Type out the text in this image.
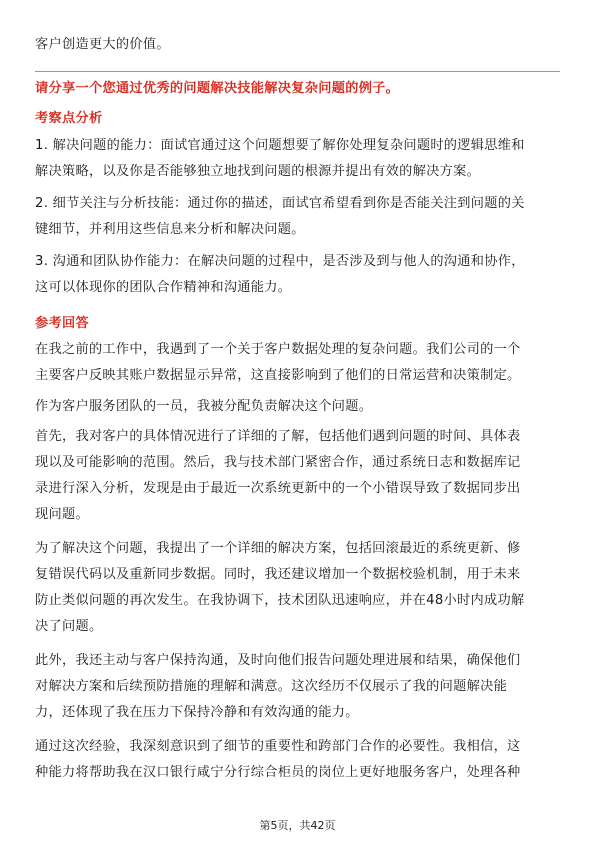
客户创造更大的价值。
请分享一个您通过优秀的问题解决技能解决复杂问题的例子。
考察点分析
1. 解决问题的能力：面试官通过这个问题想要了解你处理复杂问题时的逻辑思维和
解决策略，以及你是否能够独立地找到问题的根源并提出有效的解决方案。
2. 细节关注与分析技能：通过你的描述，面试官希望看到你是否能关注到问题的关
键细节，并利用这些信息来分析和解决问题。
3. 沟通和团队协作能力：在解决问题的过程中，是否涉及到与他人的沟通和协作，
这可以体现你的团队合作精神和沟通能力。
参考回答
在我之前的工作中，我遇到了一个关于客户数据处理的复杂问题。我们公司的一个
主要客户反映其账户数据显示异常，这直接影响到了他们的日常运营和决策制定。
作为客户服务团队的一员，我被分配负责解决这个问题。
首先，我对客户的具体情况进行了详细的了解，包括他们遇到问题的时间、具体表
现以及可能影响的范围。然后，我与技术部门紧密合作，通过系统日志和数据库记
录进行深入分析，发现是由于最近一次系统更新中的一个小错误导致了数据同步出
现问题。
为了解决这个问题，我提出了一个详细的解决方案，包括回滚最近的系统更新、修
复错误代码以及重新同步数据。同时，我还建议增加一个数据校验机制，用于未来
防止类似问题的再次发生。在我协调下，技术团队迅速响应，并在48小时内成功解
决了问题。
此外，我还主动与客户保持沟通，及时向他们报告问题处理进展和结果，确保他们
对解决方案和后续预防措施的理解和满意。这次经历不仅展示了我的问题解决能
力，还体现了我在压力下保持冷静和有效沟通的能力。
通过这次经验，我深刻意识到了细节的重要性和跨部门合作的必要性。我相信，这
种能力将帮助我在汉口银行咸宁分行综合柜员的岗位上更好地服务客户，处理各种
第5页，共42页
